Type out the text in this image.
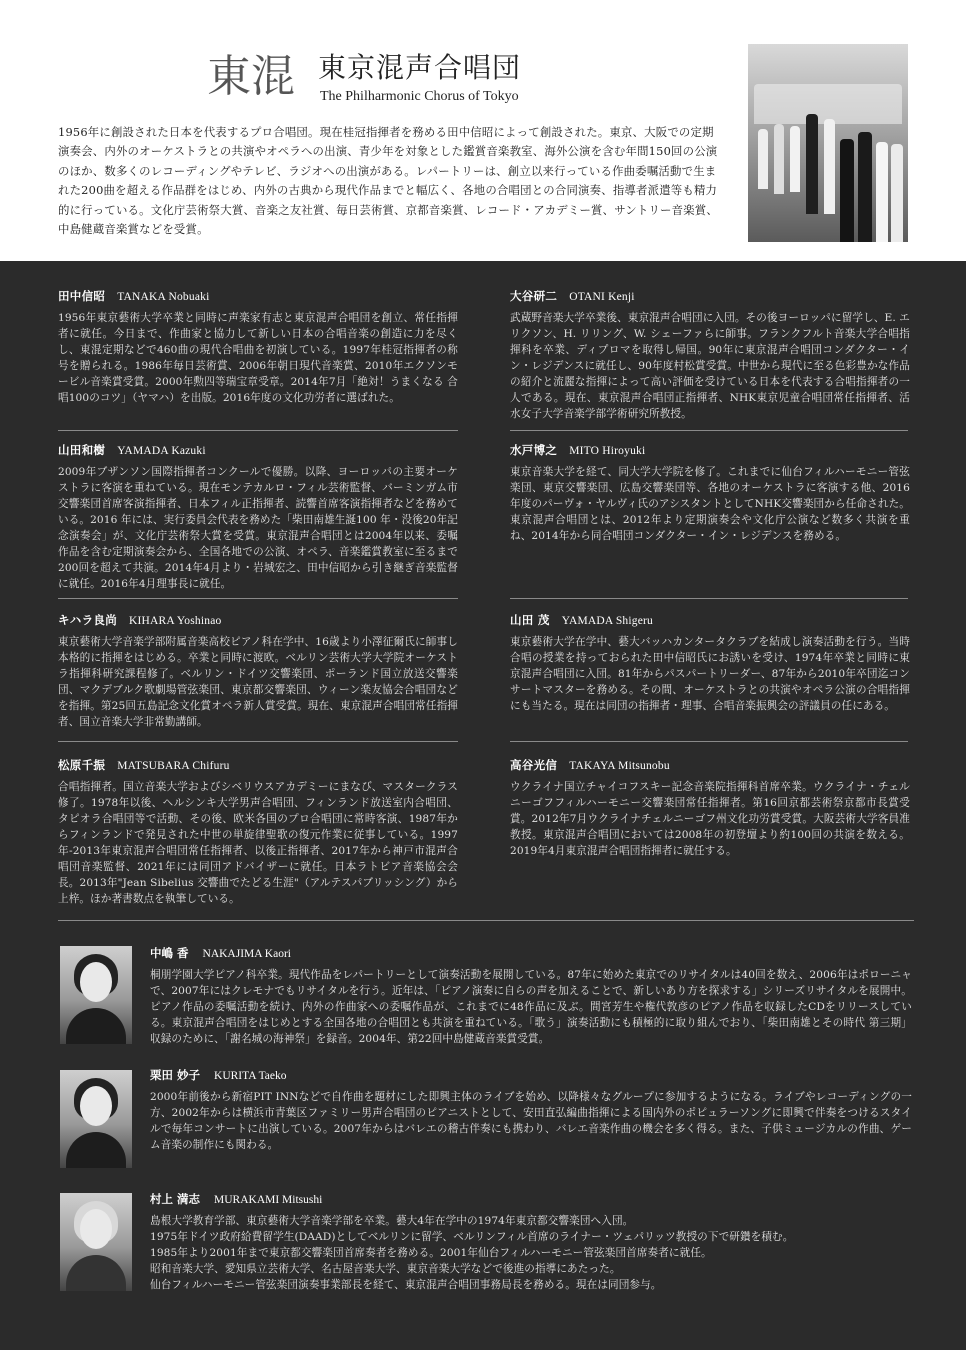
東混 東京混声合唱団
The Philharmonic Chorus of Tokyo

1956年に創設された日本を代表するプロ合唱団。現在桂冠指揮者を務める田中信昭によって創設された。東京、大阪での定期演奏会、内外のオーケストラとの共演やオペラへの出演、青少年を対象とした鑑賞音楽教室、海外公演を含む年間150回の公演のほか、数多くのレコーディングやテレビ、ラジオへの出演がある。レパートリーは、創立以来行っている作曲委嘱活動で生まれた200曲を超える作品群をはじめ、内外の古典から現代作品までと幅広く、各地の合唱団との合同演奏、指導者派遣等も精力的に行っている。文化庁芸術祭大賞、音楽之友社賞、毎日芸術賞、京都音楽賞、レコード・アカデミー賞、サントリー音楽賞、中島健蔵音楽賞などを受賞。

田中信昭 TANAKA Nobuaki

1956年東京藝術大学卒業と同時に声楽家有志と東京混声合唱団を創立、常任指揮者に就任。今日まで、作曲家と協力して新しい日本の合唱音楽の創造に力を尽くし、東混定期などで460曲の現代合唱曲を初演している。1997年桂冠指揮者の称号を贈られる。1986年毎日芸術賞、2006年朝日現代音楽賞、2010年エクソンモービル音楽賞受賞。2000年勲四等瑞宝章受章。2014年7月「絶対！うまくなる 合唱100のコツ」（ヤマハ）を出版。2016年度の文化功労者に選ばれた。

山田和樹 YAMADA Kazuki

2009年ブザンソン国際指揮者コンクールで優勝。以降、ヨーロッパの主要オーケストラに客演を重ねている。現在モンテカルロ・フィル芸術監督、バーミンガム市交響楽団首席客演指揮者、日本フィル正指揮者、読響首席客演指揮者などを務めている。2016 年には、実行委員会代表を務めた「柴田南雄生誕100 年・没後20年記念演奏会」が、文化庁芸術祭大賞を受賞。東京混声合唱団とは2004年以来、委嘱作品を含む定期演奏会から、全国各地での公演、オペラ、音楽鑑賞教室に至るまで200回を超えて共演。2014年4月より・岩城宏之、田中信昭から引き継ぎ音楽監督に就任。2016年4月理事長に就任。

キハラ良尚 KIHARA Yoshinao

東京藝術大学音楽学部附属音楽高校ピアノ科在学中、16歳より小澤征爾氏に師事し本格的に指揮をはじめる。卒業と同時に渡欧。ベルリン芸術大学大学院オーケストラ指揮科研究課程修了。ベルリン・ドイツ交響楽団、ポーランド国立放送交響楽団、マクデブルク歌劇場管弦楽団、東京都交響楽団、ウィーン楽友協会合唱団などを指揮。第25回五島記念文化賞オペラ新人賞受賞。現在、東京混声合唱団常任指揮者、国立音楽大学非常勤講師。

松原千振 MATSUBARA Chifuru

合唱指揮者。国立音楽大学およびシベリウスアカデミーにまなび、マスタークラス修了。1978年以後、ヘルシンキ大学男声合唱団、フィンランド放送室内合唱団、タピオラ合唱団等で活動、その後、欧米各国のプロ合唱団に常時客演、1987年からフィンランドで発見された中世の単旋律聖歌の復元作業に従事している。1997年-2013年東京混声合唱団常任指揮者、以後正指揮者、2017年から神戸市混声合唱団音楽監督、2021年には同団アドバイザーに就任。日本ラトビア音楽協会会長。2013年"Jean Sibelius 交響曲でたどる生涯"（アルテスパブリッシング）から上梓。ほか著書数点を執筆している。

大谷研二 OTANI Kenji

武蔵野音楽大学卒業後、東京混声合唱団に入団。その後ヨーロッパに留学し、E. エリクソン、H. リリング、W. シェーファらに師事。フランクフルト音楽大学合唱指揮科を卒業、ディプロマを取得し帰国。90年に東京混声合唱団コンダクター・イン・レジデンスに就任し、90年度村松賞受賞。中世から現代に至る色彩豊かな作品の紹介と流麗な指揮によって高い評価を受けている日本を代表する合唱指揮者の一人である。現在、東京混声合唱団正指揮者、NHK東京児童合唱団常任指揮者、活水女子大学音楽学部学術研究所教授。

水戸博之 MITO Hiroyuki

東京音楽大学を経て、同大学大学院を修了。これまでに仙台フィルハーモニー管弦楽団、東京交響楽団、広島交響楽団等、各地のオーケストラに客演する他、2016年度のパーヴォ・ヤルヴィ氏のアシスタントとしてNHK交響楽団から任命された。東京混声合唱団とは、2012年より定期演奏会や文化庁公演など数多く共演を重ね、2014年から同合唱団コンダクター・イン・レジデンスを務める。

山田 茂 YAMADA Shigeru

東京藝術大学在学中、藝大バッハカンタータクラブを結成し演奏活動を行う。当時合唱の授業を持っておられた田中信昭氏にお誘いを受け、1974年卒業と同時に東京混声合唱団に入団。81年からパスパートリーダー、87年から2010年卒団迄コンサートマスターを務める。その間、オーケストラとの共演やオペラ公演の合唱指揮にも当たる。現在は同団の指揮者・理事、合唱音楽振興会の評議員の任にある。

高谷光信 TAKAYA Mitsunobu

ウクライナ国立チャイコフスキー記念音楽院指揮科首席卒業。ウクライナ・チェルニーゴフフィルハーモニー交響楽団常任指揮者。第16回京都芸術祭京都市長賞受賞。2012年7月ウクライナチェルニーゴフ州文化功労賞受賞。大阪芸術大学客員准教授。東京混声合唱団においては2008年の初登壇より約100回の共演を数える。2019年4月東京混声合唱団指揮者に就任する。

中嶋 香 NAKAJIMA Kaori

桐朋学園大学ピアノ科卒業。現代作品をレパートリーとして演奏活動を展開している。87年に始めた東京でのリサイタルは40回を数え、2006年はポローニャで、2007年にはクレモナでもリサイタルを行う。近年は、「ピアノ演奏に自らの声を加えることで、新しいあり方を探求する」シリーズリサイタルを展開中。ピアノ作品の委嘱活動を続け、内外の作曲家への委嘱作品が、これまでに48作品に及ぶ。間宮芳生や権代敦彦のピアノ作品を収録したCDをリリースしている。東京混声合唱団をはじめとする全国各地の合唱団とも共演を重ねている。「歌う」演奏活動にも積極的に取り組んでおり、「柴田南雄とその時代 第三期」収録のために、「謝名城の海神祭」を録音。2004年、第22回中島健蔵音楽賞受賞。

栗田 妙子 KURITA Taeko

2000年前後から新宿PIT INNなどで自作曲を題材にした即興主体のライブを始め、以降様々なグループに参加するようになる。ライブやレコーディングの一方、2002年からは横浜市青葉区ファミリー男声合唱団のピアニストとして、安田直弘編曲指揮による国内外のポピュラーソングに即興で伴奏をつけるスタイルで毎年コンサートに出演している。2007年からはバレエの稽古伴奏にも携わり、バレエ音楽作曲の機会を多く得る。また、子供ミュージカルの作曲、ゲーム音楽の制作にも関わる。

村上 満志 MURAKAMI Mitsushi

島根大学教育学部、東京藝術大学音楽学部を卒業。藝大4年在学中の1974年東京都交響楽団へ入団。

1975年ドイツ政府給費留学生(DAAD)としてベルリンに留学、ベルリンフィル首席のライナー・ツェパリッツ教授の下で研鑽を積む。

1985年より2001年まで東京都交響楽団首席奏者を務める。2001年仙台フィルハーモニー管弦楽団首席奏者に就任。

昭和音楽大学、愛知県立芸術大学、名古屋音楽大学、東京音楽大学などで後進の指導にあたった。

仙台フィルハーモニー管弦楽団演奏事業部長を経て、東京混声合唱団事務局長を務める。現在は同団参与。
